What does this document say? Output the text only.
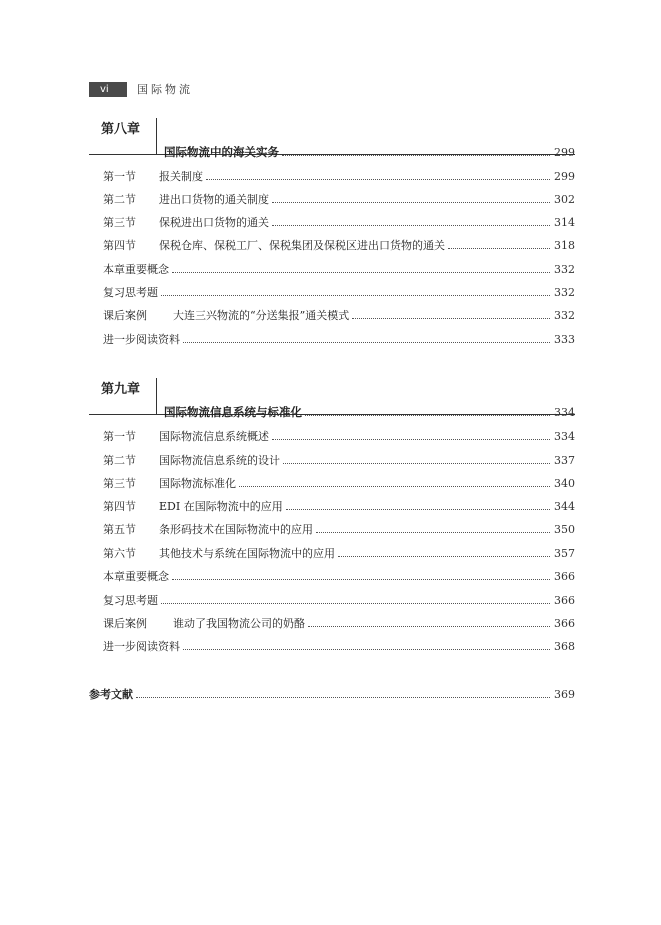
vi	国际物流
第八章
国际物流中的海关实务	299
第一节	报关制度	299
第二节	进出口货物的通关制度	302
第三节	保税进出口货物的通关	314
第四节	保税仓库、保税工厂、保税集团及保税区进出口货物的通关	318
本章重要概念	332
复习思考题	332
课后案例	大连三兴物流的“分送集报”通关模式	332
进一步阅读资料	333
第九章
国际物流信息系统与标准化	334
第一节	国际物流信息系统概述	334
第二节	国际物流信息系统的设计	337
第三节	国际物流标准化	340
第四节	EDI 在国际物流中的应用	344
第五节	条形码技术在国际物流中的应用	350
第六节	其他技术与系统在国际物流中的应用	357
本章重要概念	366
复习思考题	366
课后案例	谁动了我国物流公司的奶酪	366
进一步阅读资料	368
参考文献	369
